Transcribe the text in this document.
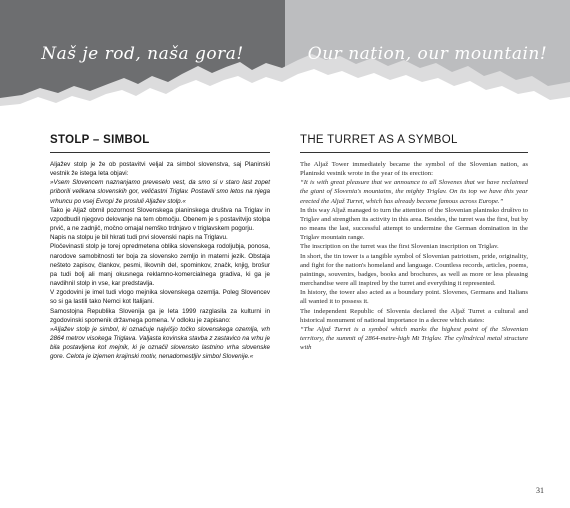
Naš je rod, naša gora!	Our nation, our mountain!
STOLP – SIMBOL

Aljažev stolp je že ob postavitvi veljal za simbol slovenstva, saj Planinski vestnik že istega leta objavi:

»Vsem Slovencem naznanjamo preveselo vest, da smo si v staro last zopet priborili velikana slovenskih gor, veličastni Triglav. Postavili smo letos na njega vrhuncu po vsej Evropi že prosluli Aljažev stolp.«

Tako je Aljaž obrnil pozornost Slovenskega planinskega društva na Triglav in vzpodbudil njegovo delovanje na tem območju. Obenem je s postavitvijo stolpa prvič, a ne zadnjič, močno omajal nemško trdnjavo v triglavskem pogorju.

Napis na stolpu je bil hkrati tudi prvi slovenski napis na Triglavu.

Pločevinasti stolp je torej opredmetena oblika slovenskega rodoljubja, ponosa, narodove samobitnosti ter boja za slovensko zemljo in materni jezik. Obstaja nešteto zapisov, člankov, pesmi, likovnih del, spominkov, značk, knjig, brošur pa tudi bolj ali manj okusnega reklamno-komercialnega gradiva, ki ga je navdihnil stolp in vse, kar predstavlja.

V zgodovini je imel tudi vlogo mejnika slovenskega ozemlja. Poleg Slovencev so si ga lastili tako Nemci kot Italijani.

Samostojna Republika Slovenija ga je leta 1999 razglasila za kulturni in zgodovinski spomenik državnega pomena. V odloku je zapisano:

»Aljažev stolp je simbol, ki označuje najvišjo točko slovenskega ozemlja, vrh 2864 metrov visokega Triglava. Valjasta kovinska stavba z zastavico na vrhu je bila postavljena kot mejnik, ki je označil slovensko lastnino vrha slovenske gore. Celota je izjemen krajinski motiv, nenadomestljiv simbol Slovenije.«

THE TURRET AS A SYMBOL

The Aljaž Tower immediately became the symbol of the Slovenian nation, as Planinski vestnik wrote in the year of its erection:

“It is with great pleasure that we announce to all Slovenes that we have reclaimed the giant of Slovenia's mountains, the mighty Triglav. On its top we have this year erected the Aljaž Turret, which has already become famous across Europe.”

In this way Aljaž managed to turn the attention of the Slovenian planinsko društvo to Triglav and strengthen its activity in this area. Besides, the turret was the first, but by no means the last, successful attempt to undermine the German domination in the Triglav mountain range.

The inscription on the turret was the first Slovenian inscription on Triglav.

In short, the tin tower is a tangible symbol of Slovenian patriotism, pride, originality, and fight for the nation's homeland and language. Countless records, articles, poems, paintings, souvenirs, badges, books and brochures, as well as more or less pleasing merchandise were all inspired by the turret and everything it represented.

In history, the tower also acted as a boundary point. Slovenes, Germans and Italians all wanted it to possess it.

The independent Republic of Slovenia declared the Aljaž Turret a cultural and historical monument of national importance in a decree which states:

“The Aljaž Turret is a symbol which marks the highest point of the Slovenian territory, the summit of 2864-metre-high Mt Triglav. The cylindrical metal structure with

31
